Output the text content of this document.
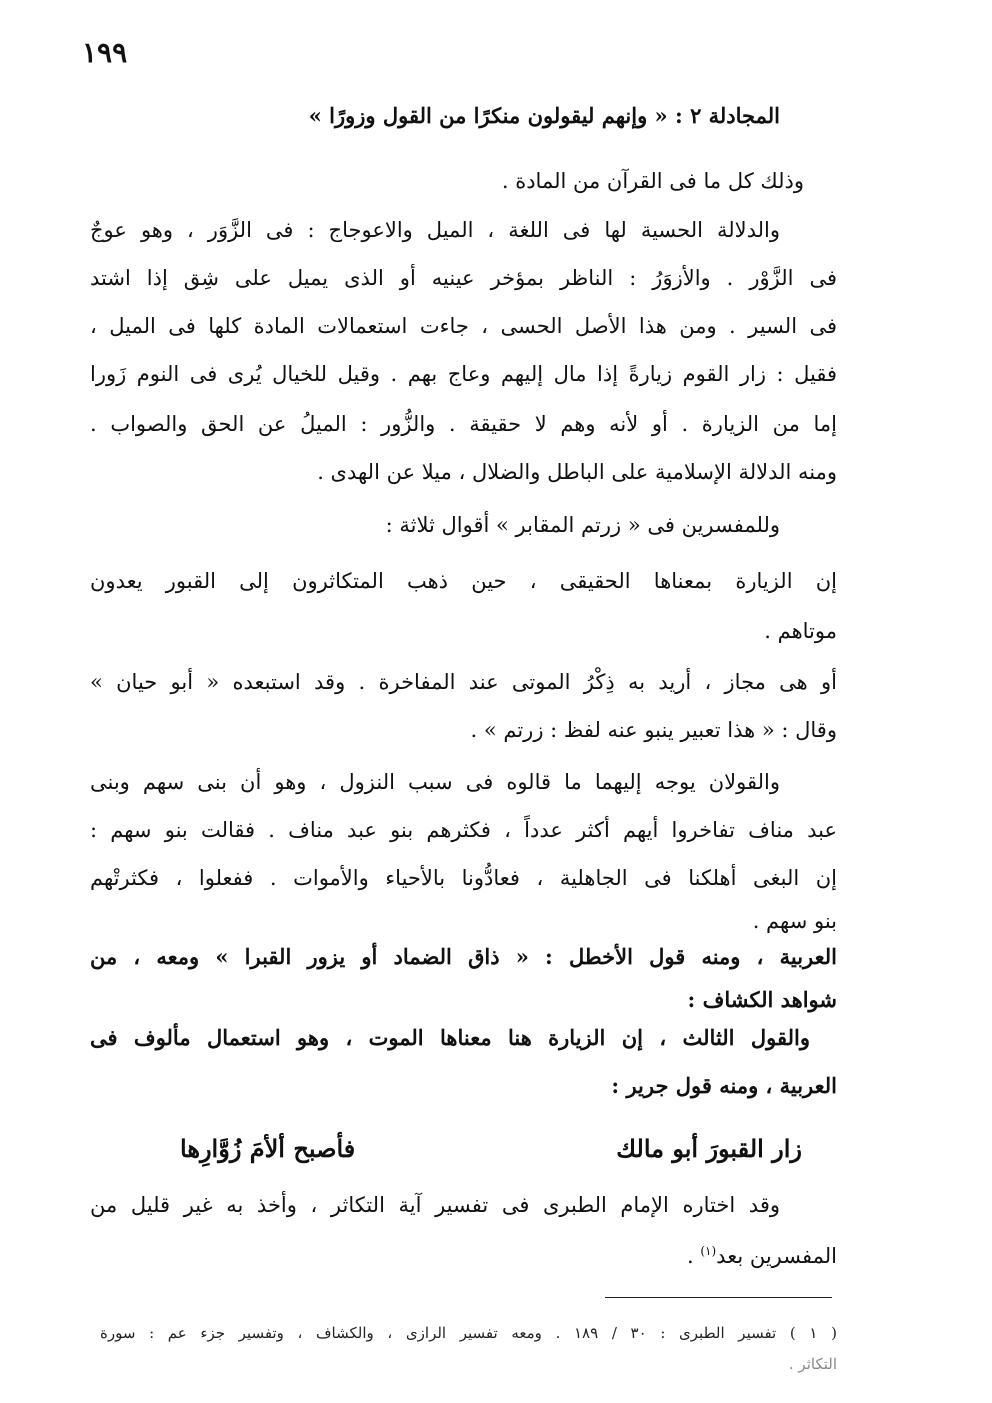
١٩٩
المجادلة ٢ : « وإنهم ليقولون منكرًا من القول وزورًا »
وذلك كل ما فى القرآن من المادة .
والدلالة الحسية لها فى اللغة ، الميل والاعوجاج : فى الزَّوَر ، وهو عوجٌ
فى الزَّوْر . والأزوَرُ : الناظر بمؤخر عينيه أو الذى يميل على شِق إذا اشتد
فى السير . ومن هذا الأصل الحسى ، جاءت استعمالات المادة كلها فى الميل ،
فقيل : زار القوم زيارةً إذا مال إليهم وعاج بهم . وقيل للخيال يُرى فى النوم زَورا
إما من الزيارة . أو لأنه وهم لا حقيقة . والزُّور : الميلُ عن الحق والصواب .
ومنه الدلالة الإسلامية على الباطل والضلال ، ميلا عن الهدى .
وللمفسرين فى « زرتم المقابر » أقوال ثلاثة :
إن الزيارة بمعناها الحقيقى ، حين ذهب المتكاثرون إلى القبور يعدون
موتاهم .
أو هى مجاز ، أريد به ذِكْرُ الموتى عند المفاخرة . وقد استبعده « أبو حيان »
وقال : « هذا تعبير ينبو عنه لفظ : زرتم » .
والقولان يوجه إليهما ما قالوه فى سبب النزول ، وهو أن بنى سهم وبنى
عبد مناف تفاخروا أيهم أكثر عدداً ، فكثرهم بنو عبد مناف . فقالت بنو سهم :
إن البغى أهلكنا فى الجاهلية ، فعادُّونا بالأحياء والأموات . ففعلوا ، فكثرتْهم
بنو سهم .
العربية ، ومنه قول الأخطل : « ذاق الضماد أو يزور القبرا » ومعه ، من
شواهد الكشاف :
والقول الثالث ، إن الزيارة هنا معناها الموت ، وهو استعمال مألوف فى
العربية ، ومنه قول جرير :
زار القبورَ أبو مالك
فأصبح ألأمَ زُوَّارِها
وقد اختاره الإمام الطبرى فى تفسير آية التكاثر ، وأخذ به غير قليل من
المفسرين بعد$^{(١)}$ .
( ١ ) تفسير الطبرى : ٣٠ / ١٨٩ . ومعه تفسير الرازى ، والكشاف ، وتفسير جزء عم : سورة
التكاثر .
